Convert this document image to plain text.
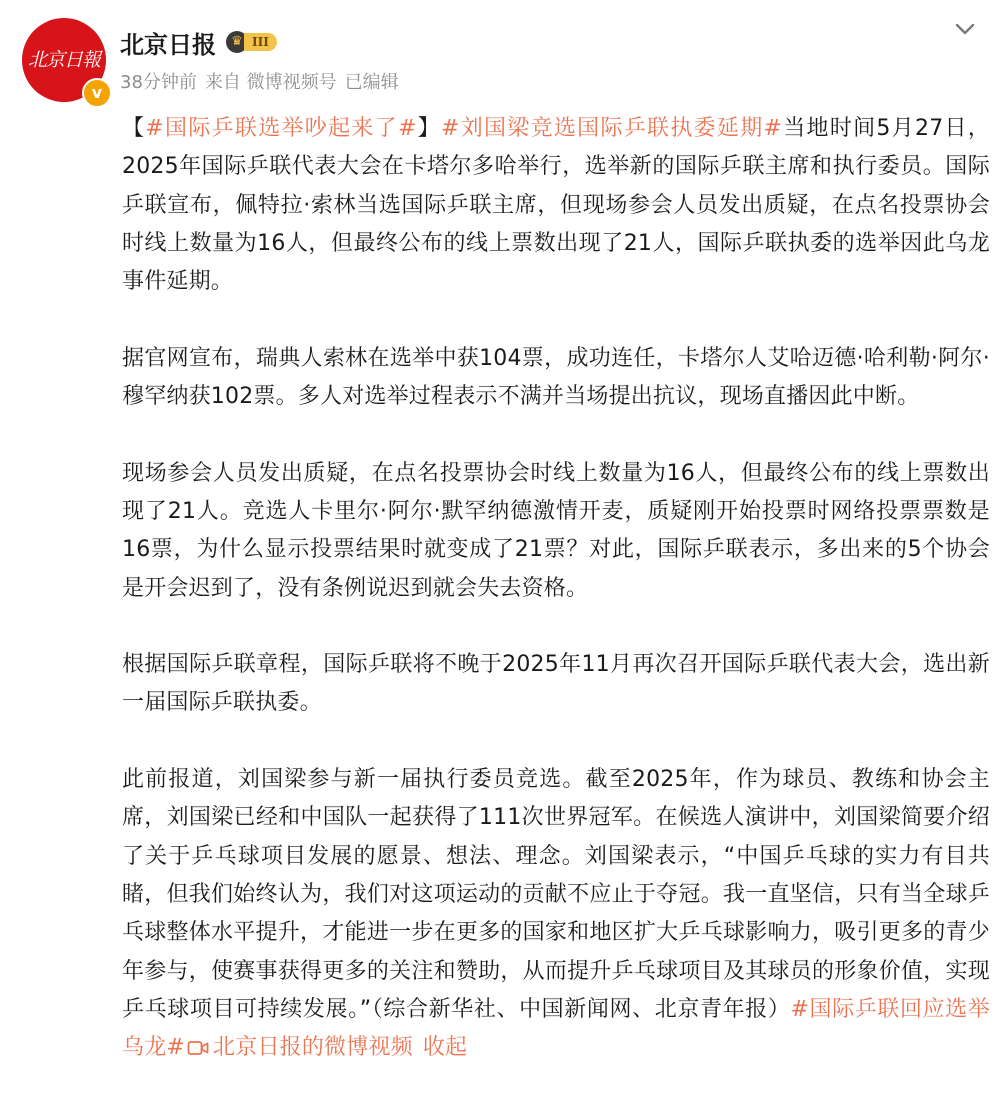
北京日報
v
北京日报	♛ III
38分钟前 来自 微博视频号 已编辑

【#国际乒联选举吵起来了#】#刘国梁竞选国际乒联执委延期#当地时间5月27日，2025年国际乒联代表大会在卡塔尔多哈举行，选举新的国际乒联主席和执行委员。国际乒联宣布，佩特拉·索林当选国际乒联主席，但现场参会人员发出质疑，在点名投票协会时线上数量为16人，但最终公布的线上票数出现了21人，国际乒联执委的选举因此乌龙事件延期。

据官网宣布，瑞典人索林在选举中获104票，成功连任，卡塔尔人艾哈迈德·哈利勒·阿尔·穆罕纳获102票。多人对选举过程表示不满并当场提出抗议，现场直播因此中断。

现场参会人员发出质疑，在点名投票协会时线上数量为16人，但最终公布的线上票数出现了21人。竞选人卡里尔·阿尔·默罕纳德激情开麦，质疑刚开始投票时网络投票票数是16票，为什么显示投票结果时就变成了21票？对此，国际乒联表示，多出来的5个协会是开会迟到了，没有条例说迟到就会失去资格。

根据国际乒联章程，国际乒联将不晚于2025年11月再次召开国际乒联代表大会，选出新一届国际乒联执委。

此前报道，刘国梁参与新一届执行委员竞选。截至2025年，作为球员、教练和协会主席，刘国梁已经和中国队一起获得了111次世界冠军。在候选人演讲中，刘国梁简要介绍了关于乒乓球项目发展的愿景、想法、理念。刘国梁表示，“中国乒乓球的实力有目共睹，但我们始终认为，我们对这项运动的贡献不应止于夺冠。我一直坚信，只有当全球乒乓球整体水平提升，才能进一步在更多的国家和地区扩大乒乓球影响力，吸引更多的青少年参与，使赛事获得更多的关注和赞助，从而提升乒乓球项目及其球员的形象价值，实现乒乓球项目可持续发展。”（综合新华社、中国新闻网、北京青年报）#国际乒联回应选举乌龙# 北京日报的微博视频 收起
